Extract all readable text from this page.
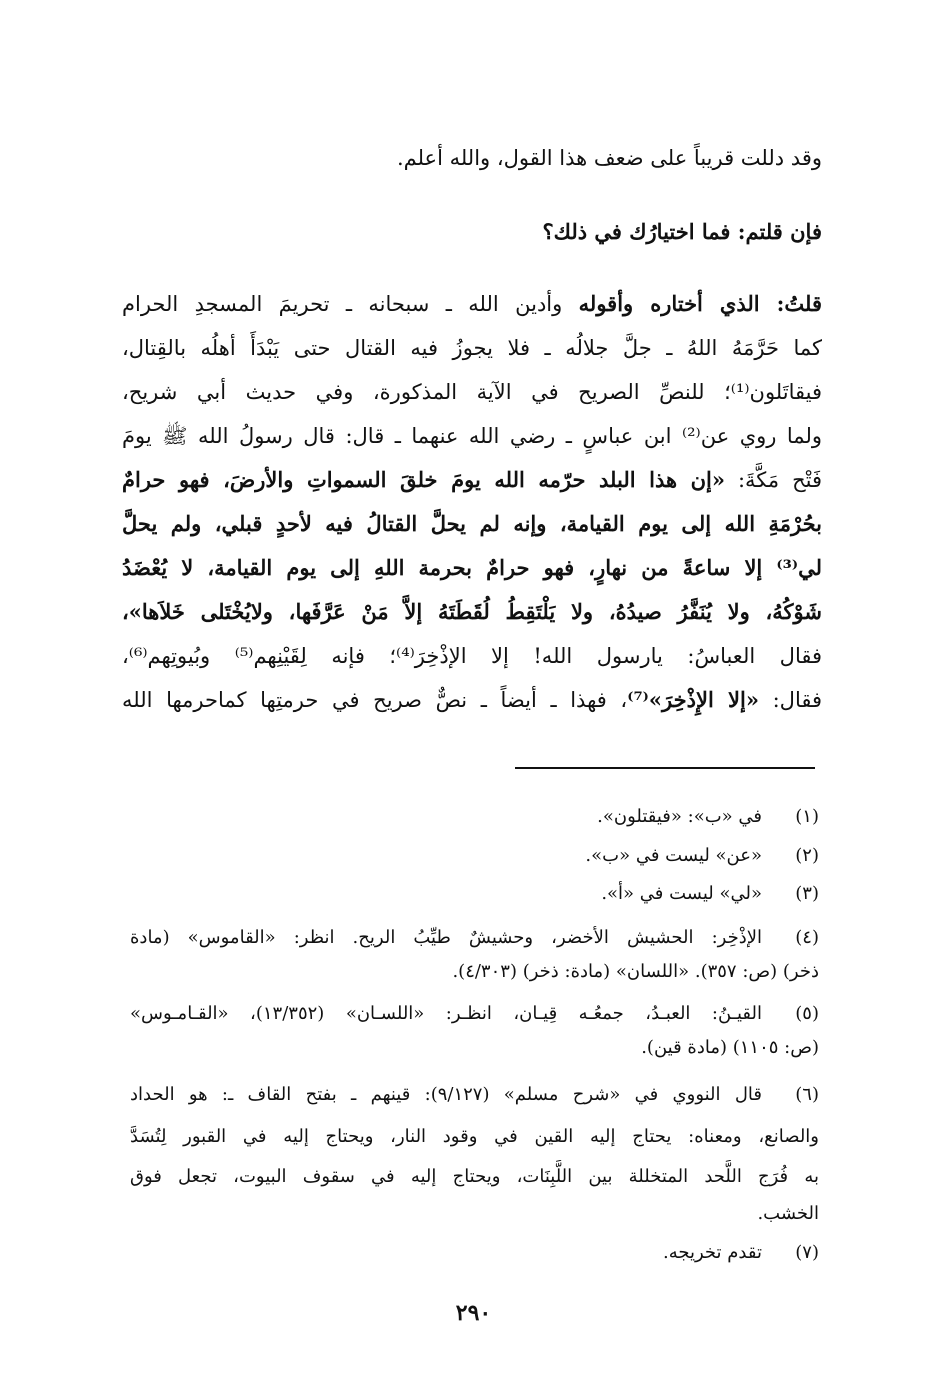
وقد دللت قريباً على ضعف هذا القول، والله أعلم.
فإن قلتم: فما اختيارُك في ذلك؟
قلتُ: الذي أختاره وأقوله وأدين الله ـ سبحانه ـ تحريمَ المسجدِ الحرام
كما حَرَّمَهُ اللهُ ـ جلَّ جلالُه ـ فلا يجوزُ فيه القتال حتى يَبْدَأَ أهلُه بالقِتال،
فيقاتَلون⁽¹⁾؛ للنصِّ الصريح في الآية المذكورة، وفي حديث أبي شريح،
ولما روي عن⁽²⁾ ابن عباسٍ ـ رضي الله عنهما ـ قال: قال رسولُ الله ﷺ يومَ
فَتْح مَكَّةَ: «إن هذا البلد حرّمه الله يومَ خلقَ السمواتِ والأرضَ، فهو حرامٌ
بحُرْمَةِ الله إلى يوم القيامة، وإنه لم يحلَّ القتالُ فيه لأحدٍ قبلي، ولم يحلَّ
لي⁽³⁾ إلا ساعةً من نهارٍ، فهو حرامٌ بحرمة اللهِ إلى يوم القيامة، لا يُعْضَدُ
شَوْكُهُ، ولا يُنَفَّرُ صيدُهُ، ولا يَلْتَقِطُ لُقَطَتَهُ إلاَّ مَنْ عَرَّفَها، ولايُخْتَلى خَلاَها»،
فقال العباسُ: يارسول الله! إلا الإذْخِرَ⁽⁴⁾؛ فإنه لِقَيْنِهم⁽⁵⁾ وبُيوتِهم⁽⁶⁾،
فقال: «إلا الإِذْخِرَ»⁽⁷⁾، فهذا ـ أيضاً ـ نصٌّ صريح في حرمتِها كماحرمها الله
(١)
في «ب»: «فيقتلون».
(٢)
«عن» ليست في «ب».
(٣)
«لي» ليست في «أ».
(٤)
الإذْخِر: الحشيش الأخضر، وحشيشٌ طيِّبُ الريح. انظر: «القاموس» (مادة
ذخر) (ص: ٣٥٧). «اللسان» (مادة: ذخر) (٤/٣٠٣).
(٥)
القيـنُ: العبـدُ، جمعُـه قِيـان، انظـر: «اللسـان» (١٣/٣٥٢)، «القـامـوس»
(ص: ١١٠٥) (مادة قين).
(٦)
قال النووي في «شرح مسلم» (٩/١٢٧): قينهم ـ بفتح القاف ـ: هو الحداد
والصانع، ومعناه: يحتاج إليه القين في وقود النار، ويحتاج إليه في القبور لِتُسَدَّ
به فُرَج اللَّحد المتخللة بين اللَّبِنَات، ويحتاج إليه في سقوف البيوت، تجعل فوق
الخشب.
(٧)
تقدم تخريجه.
٢٩٠
